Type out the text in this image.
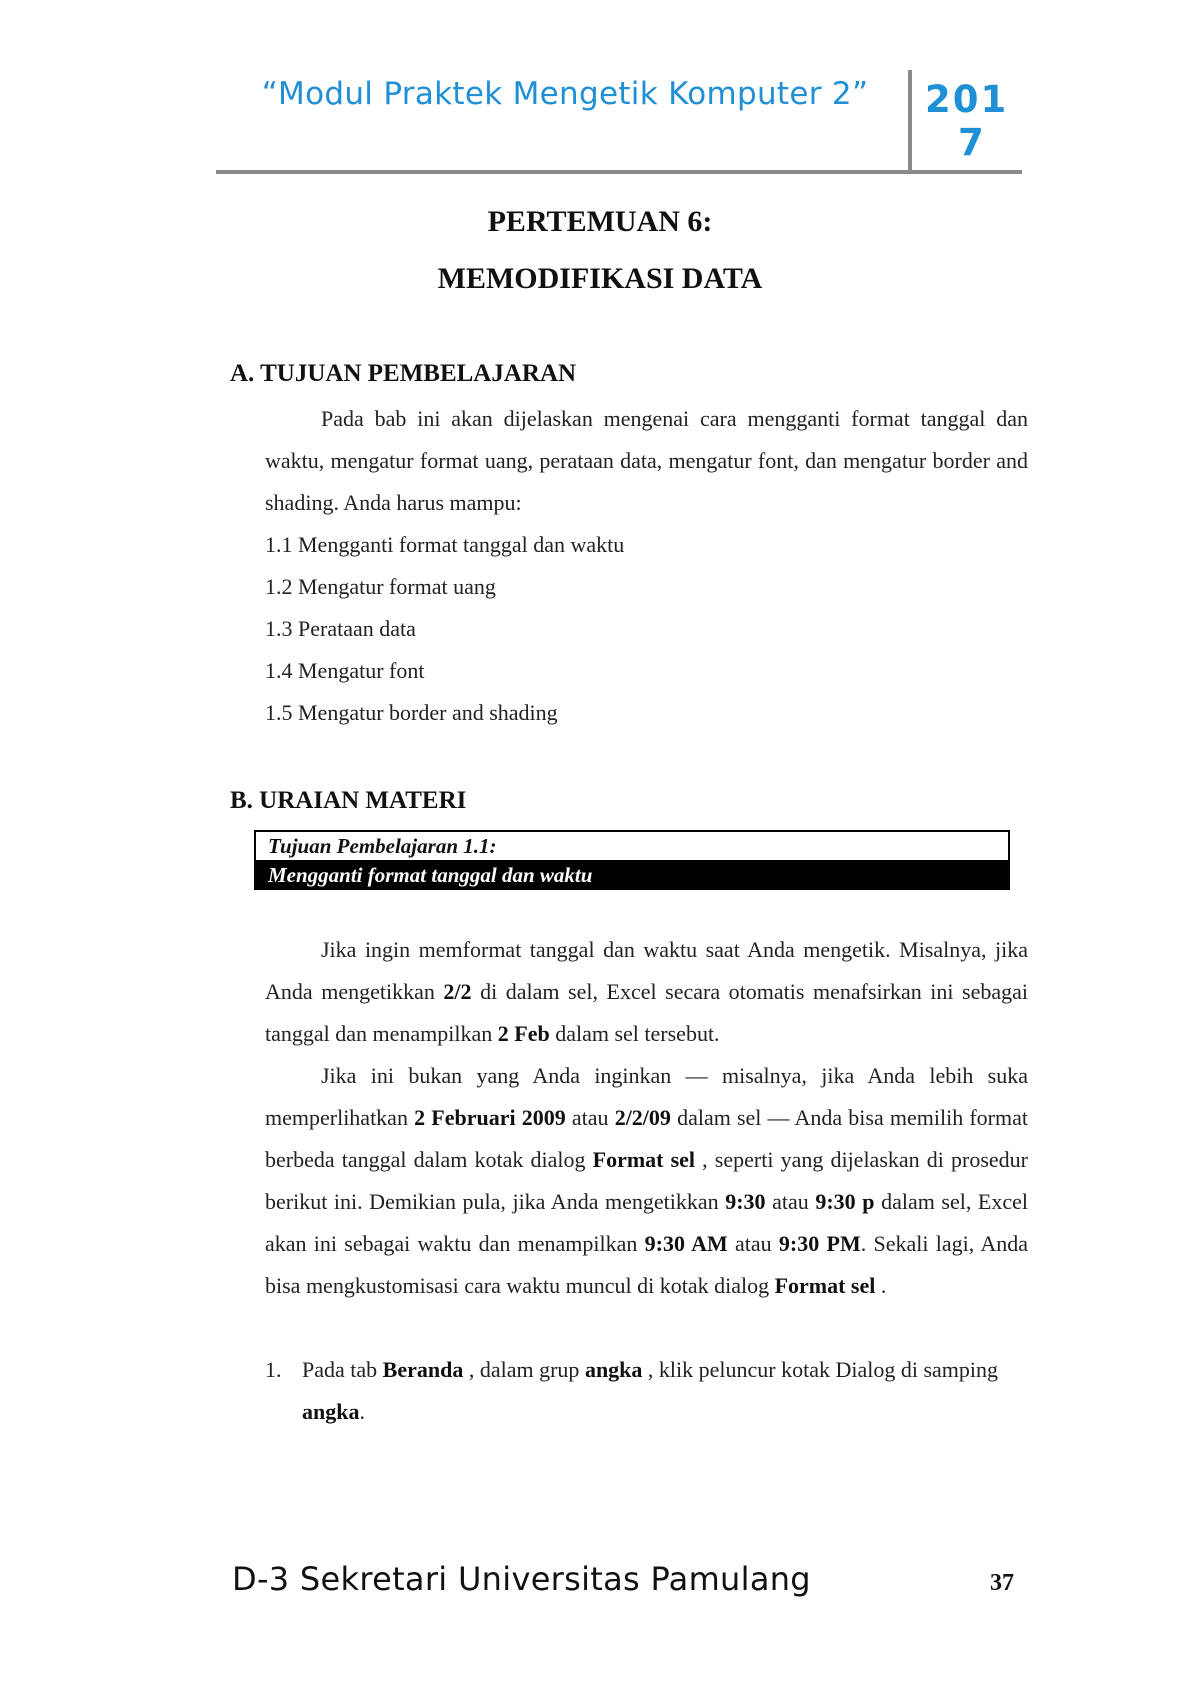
“Modul Praktek Mengetik Komputer 2”	201
7
PERTEMUAN 6:
MEMODIFIKASI DATA
A. TUJUAN PEMBELAJARAN

Pada bab ini akan dijelaskan mengenai cara mengganti format tanggal dan waktu, mengatur format uang, perataan data, mengatur font, dan mengatur border and shading. Anda harus mampu:

1.1 Mengganti format tanggal dan waktu
1.2 Mengatur format uang
1.3 Perataan data
1.4 Mengatur font
1.5 Mengatur border and shading
B. URAIAN MATERI
Tujuan Pembelajaran 1.1:
Mengganti format tanggal dan waktu

Jika ingin memformat tanggal dan waktu saat Anda mengetik. Misalnya, jika Anda mengetikkan 2/2 di dalam sel, Excel secara otomatis menafsirkan ini sebagai tanggal dan menampilkan 2 Feb dalam sel tersebut.

Jika ini bukan yang Anda inginkan — misalnya, jika Anda lebih suka memperlihatkan 2 Februari 2009 atau 2/2/09 dalam sel — Anda bisa memilih format berbeda tanggal dalam kotak dialog Format sel , seperti yang dijelaskan di prosedur berikut ini. Demikian pula, jika Anda mengetikkan 9:30 atau 9:30 p dalam sel, Excel akan ini sebagai waktu dan menampilkan 9:30 AM atau 9:30 PM. Sekali lagi, Anda bisa mengkustomisasi cara waktu muncul di kotak dialog Format sel .

1. Pada tab Beranda , dalam grup angka , klik peluncur kotak Dialog di samping angka.
D-3 Sekretari Universitas Pamulang	37
